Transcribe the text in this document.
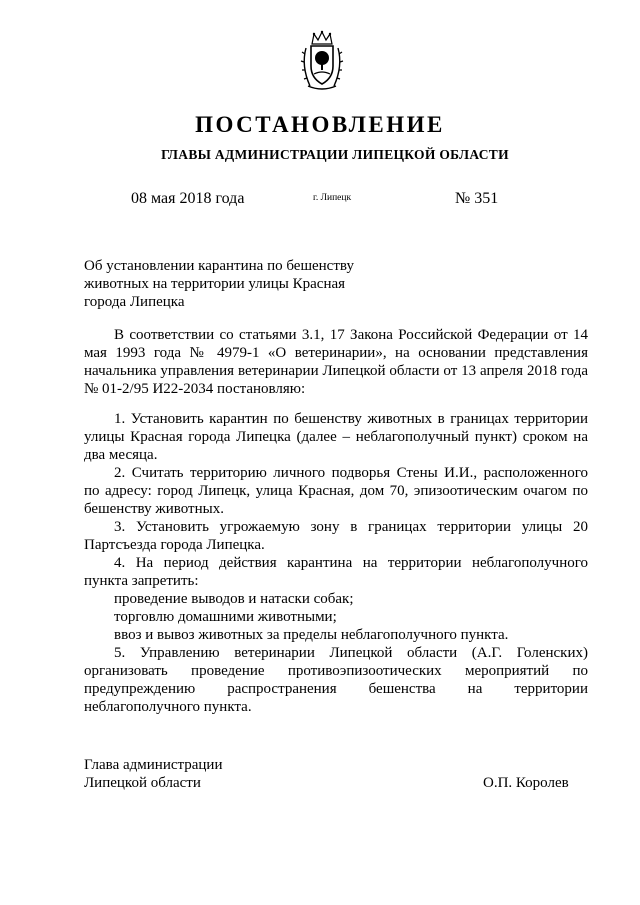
ПОСТАНОВЛЕНИЕ
ГЛАВЫ АДМИНИСТРАЦИИ ЛИПЕЦКОЙ ОБЛАСТИ
08 мая 2018 года	г. Липецк	№ 351
Об установлении карантина по бешенству
животных на территории улицы Красная
города Липецка

В соответствии со статьями 3.1, 17 Закона Российской Федерации от 14 мая 1993 года № 4979-1 «О ветеринарии», на основании представления начальника управления ветеринарии Липецкой области от 13 апреля 2018 года № 01-2/95 И22-2034 постановляю:

1. Установить карантин по бешенству животных в границах территории улицы Красная города Липецка (далее – неблагополучный пункт) сроком на два месяца.

2. Считать территорию личного подворья Стены И.И., расположенного по адресу: город Липецк, улица Красная, дом 70, эпизоотическим очагом по бешенству животных.

3. Установить угрожаемую зону в границах территории улицы 20 Партсъезда города Липецка.

4. На период действия карантина на территории неблагополучного пункта запретить:

проведение выводов и натаски собак;

торговлю домашними животными;

ввоз и вывоз животных за пределы неблагополучного пункта.

5. Управлению ветеринарии Липецкой области (А.Г. Голенских) организовать проведение противоэпизоотических мероприятий по предупреждению распространения бешенства на территории неблагополучного пункта.

Глава администрации
Липецкой области	О.П. Королев
